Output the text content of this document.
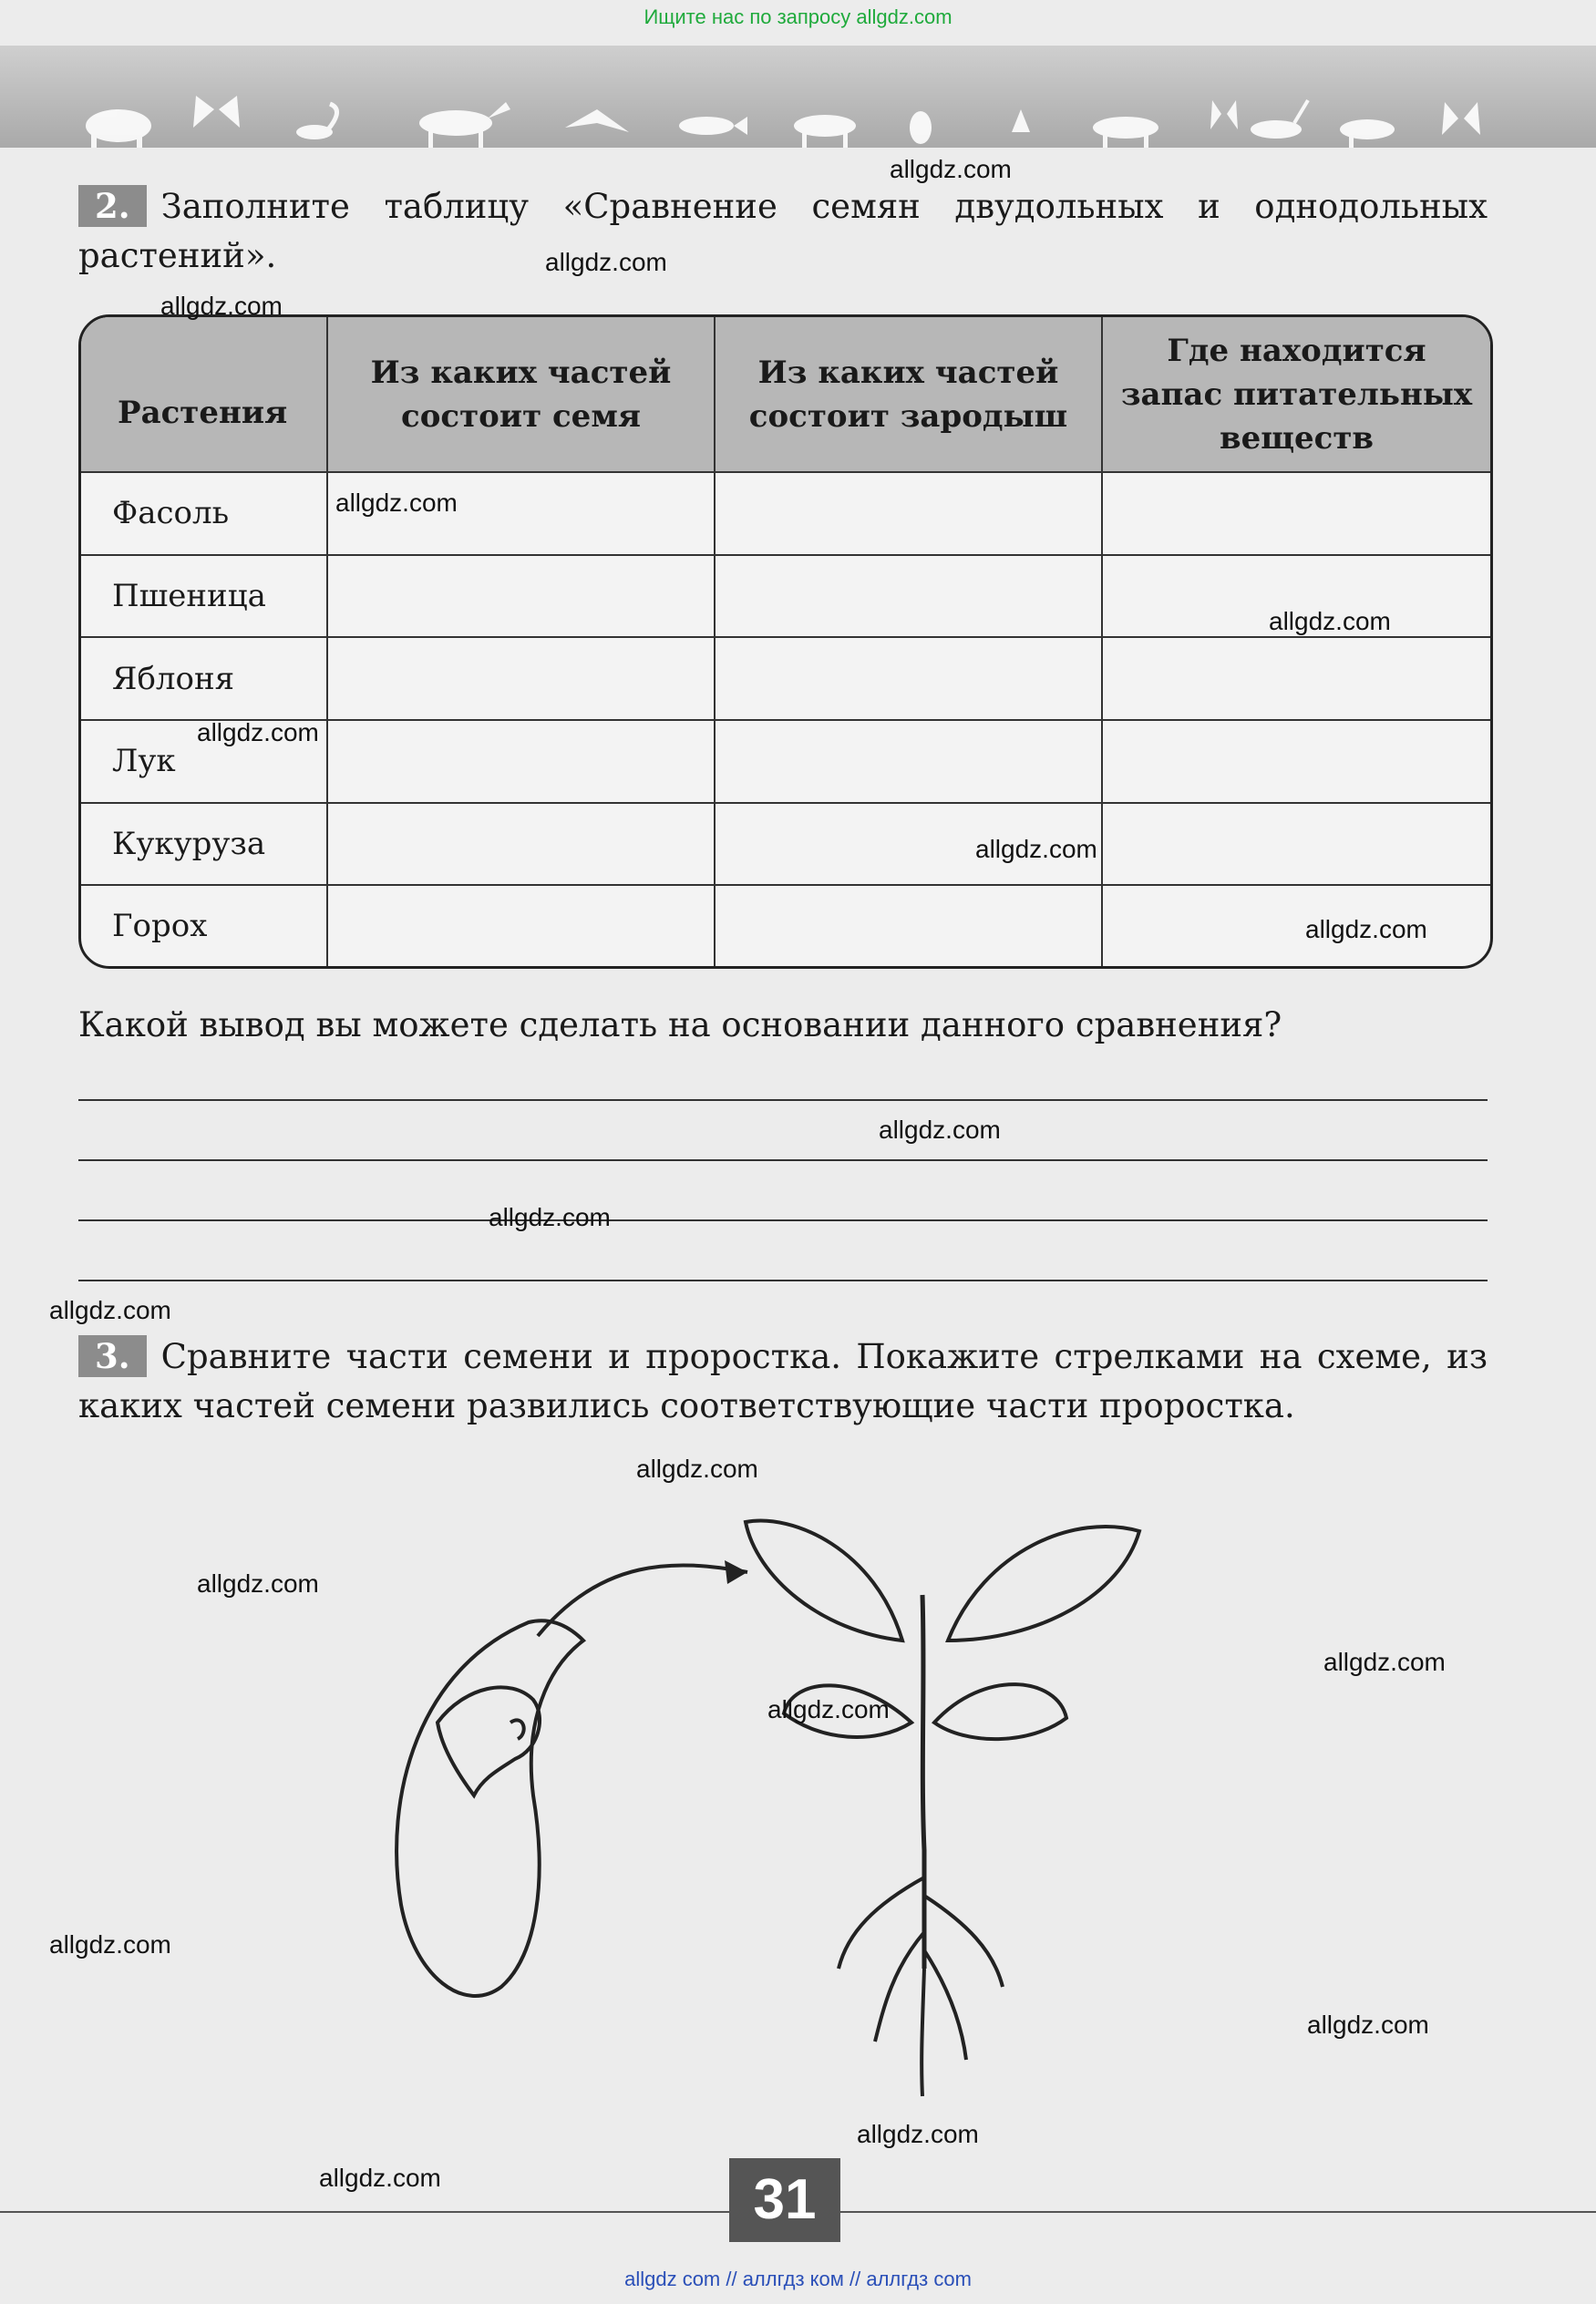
Ищите нас по запросу allgdz.com
2. Заполните таблицу «Сравнение семян двудольных и однодольных растений».
Растения	Из каких частей состоит семя	Из каких частей состоит зародыш	Где находится запас питательных веществ
Фасоль			
Пшеница			
Яблоня			
Лук			
Кукуруза			
Горох			
Какой вывод вы можете сделать на основании данного сравнения?
3. Сравните части семени и проростка. Покажите стрелками на схеме, из каких частей семени развились соответствующие части проростка.
allgdz.com
allgdz.com
allgdz.com
allgdz.com
allgdz.com
allgdz.com
allgdz.com
allgdz.com
allgdz.com
allgdz.com
allgdz.com
allgdz.com
allgdz.com
allgdz.com
allgdz.com
allgdz.com
allgdz.com
allgdz.com
allgdz.com	31
allgdz com // аллгдз ком // аллгдз com
